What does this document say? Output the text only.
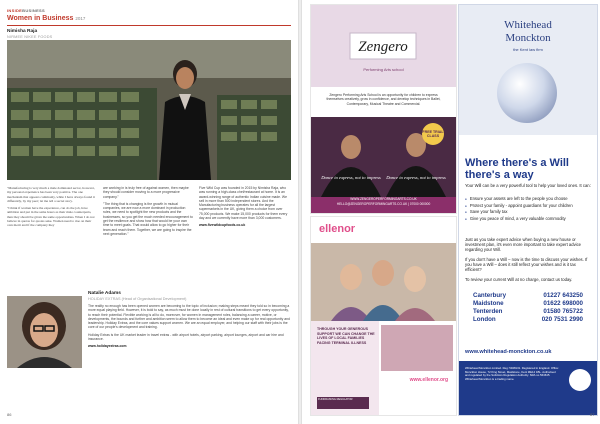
INSIDEBUSINESS
Women in Business 2017
Nimisha Raja
NIRMEE NIKEE FOODS

"Manufacturing is very much a male dominated sector, however, my personal experience has been very positive. The one mechanism that appears commonly, while I have always found it differently, by my peer; let me tell a secret story.

"I think if women have the experience, can do the job, have ambition and put in the same hours as their male counterparts, then they should be given the same opportunities. When I do not believe in quotas for quotas sake. Women need to rise on their own merit and if the company they

are working in is truly free of against women, then maybe they should consider moving to a more progressive company."

"The thing that is changing is the growth in mutual companies, we are now a more dominant in production rules, we need to spotlight the new products and the businesses, so you get the much needed encouragement to get the resilience and show how that would be your own time to meet goals. That would allow to go higher for their team and reach them. Together, we are going to inspire the next generation."

Five Wild Cup was founded in 2015 by Nimisha Raja, who was running a high-class chef/restaurant at home. It is an award-winning range of authentic Indian cuisine made. We sell in more than 500 independent stores. And the Manufacturing business operates for all the largest supermarkets in the UK, giving them a choice from over 75,000 products. We make 15,000 products for them every day and we currently have more than 3,000 customers.

www.fivewildcupfoods.co.uk

Natalie Adams
HOLIDAY EXTRAS (Head of Organisational Development)

The reality no enough has been opened women are becoming to the topic of inclusion; making steps meant they told so in becoming a more equal playing field. However, it is bold to say, as much must be done locally in rest of cultural transitions to get every opportunity, to reach their potential. Flexible working is all to do, moreover, for women in management roles, balancing a career, motive, or developments, the bounds and further and ambition seem to allow them to become an ideal and even make up for real opportunity and leadership. Holiday Extras, and the core values support women. We are an equal employer, and helping our staff with their jobs is the core of our people's development and training.

Holiday Extras is the UK market leader in travel extras - with airport hotels, airport parking, airport lounges, airport and car hire and insurance.

www.holidayextras.com

86
Zengero
Performing Arts school
Zengero Performing Arts School is an opportunity for children to express themselves creatively, grow in confidence, and develop techniques in Ballet, Contemporary, Musical Theatre and Commercial.
Dance to express, not to impress Dance to express, not to impress
FREE TRIAL CLASS
WWW.ZENGEROPERFORMINGARTS.CO.UK
HELLO@ZENGEROPERFORMINGARTS.CO.UK | 07000 000000
ellenor
THROUGH YOUR GENEROUS SUPPORT WE CAN CHANGE THE LIVES OF LOCAL FAMILIES FACING TERMINAL ILLNESS
www.ellenor.org
FUNDRAISING REGULATOR
Whitehead
Monckton
the Kent law firm
Where there's a Will there's a way
Your Will can be a very powerful tool to help your loved ones. It can:
● Ensure your assets are left to the people you choose
● Protect your family - appoint guardians for your children
● Save your family tax
● Give you peace of mind, a very valuable commodity
Just as you take expert advice when buying a new house or investment plan, it's even more important to take expert advice regarding your Will.
If you don't have a Will – now is the time to discuss your wishes. If you have a Will – does it still reflect your wishes and is it tax efficient?
To review your current Will at no charge, contact us today.
Canterbury	01227 643250
Maidstone	01622 698000
Tenterden	01580 765722
London	020 7531 2990
www.whitehead-monckton.co.uk
Whitehead Monckton Limited. Reg: 5948131. Registered in England. Office: Monckton House, 72 King Street, Maidstone, Kent ME14 1BL. Authorised and regulated by the Solicitors Regulation Authority. SRA no 564645. Whitehead Monckton is a trading name.
87
